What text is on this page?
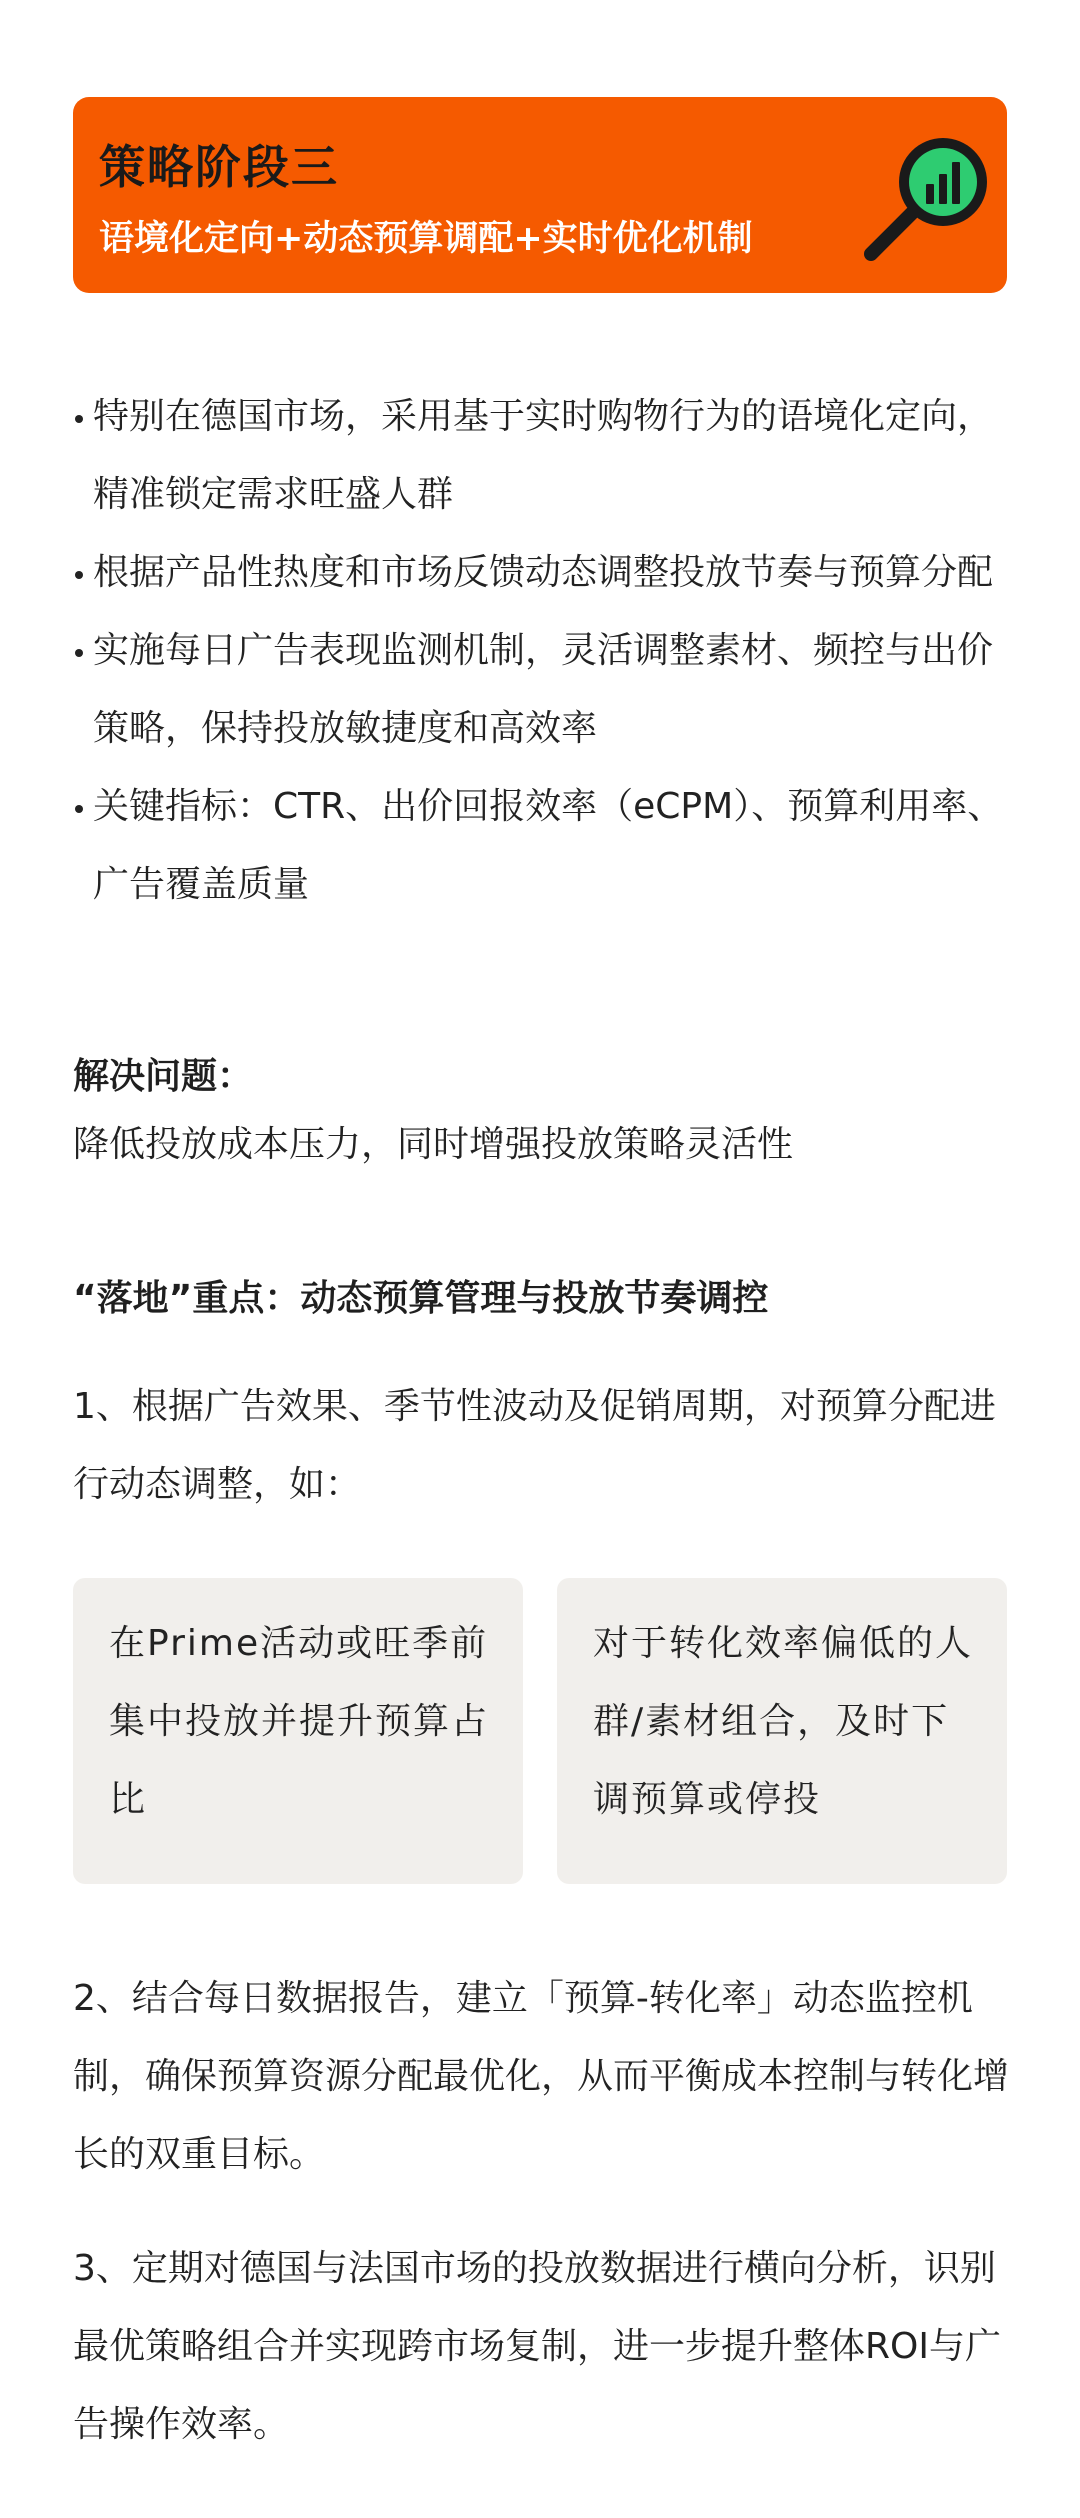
策略阶段三
语境化定向+动态预算调配+实时优化机制
特别在德国市场，采用基于实时购物行为的语境化定向，精准锁定需求旺盛人群
根据产品性热度和市场反馈动态调整投放节奏与预算分配
实施每日广告表现监测机制，灵活调整素材、频控与出价策略，保持投放敏捷度和高效率
关键指标：CTR、出价回报效率（eCPM）、预算利用率、广告覆盖质量
解决问题：

降低投放成本压力，同时增强投放策略灵活性

“落地”重点：动态预算管理与投放节奏调控

1、根据广告效果、季节性波动及促销周期，对预算分配进行动态调整，如：

在Prime活动或旺季前集中投放并提升预算占比
对于转化效率偏低的人群/素材组合，及时下调预算或停投

2、结合每日数据报告，建立「预算-转化率」动态监控机制，确保预算资源分配最优化，从而平衡成本控制与转化增长的双重目标。

3、定期对德国与法国市场的投放数据进行横向分析，识别最优策略组合并实现跨市场复制，进一步提升整体ROI与广告操作效率。
